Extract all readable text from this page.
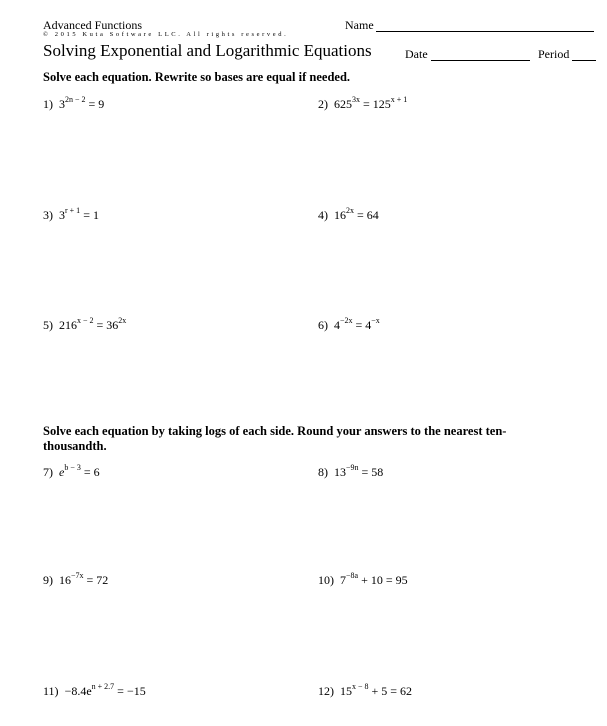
Advanced Functions	Name
© 2015 Kuta Software LLC. All rights reserved.
Solving Exponential and Logarithmic Equations	Date	Period
Solve each equation. Rewrite so bases are equal if needed.
1) $3^{2n - 2} = 9$	2) $625^{3x} = 125^{x + 1}$
3) $3^{r + 1} = 1$	4) $16^{2x} = 64$
5) $216^{x - 2} = 36^{2x}$	6) $4^{-2x} = 4^{-x}$
Solve each equation by taking logs of each side. Round your answers to the nearest ten-thousandth.
7) $e^{b - 3} = 6$	8) $13^{-9n} = 58$
9) $16^{-7x} = 72$	10) $7^{-8a} + 10 = 95$
$11) -8.4e^{n + 2.7} = -15$	12) $15^{x - 8} + 5 = 62$
